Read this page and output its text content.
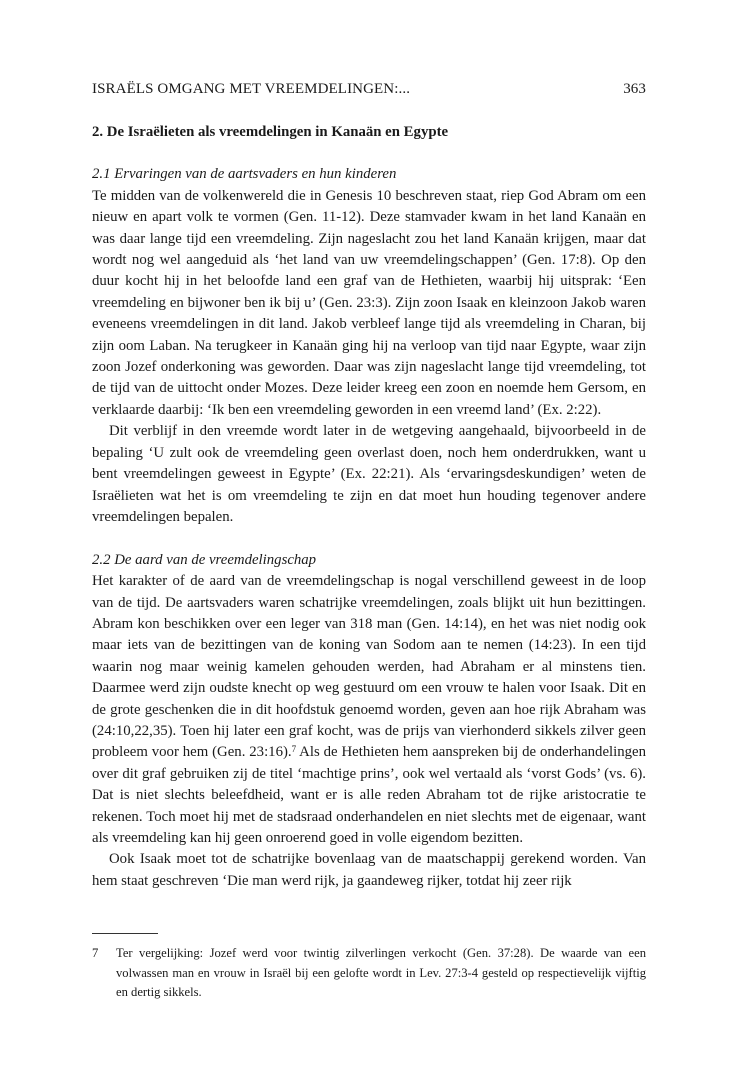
ISRAËLS OMGANG MET VREEMDELINGEN:...	363

2. De Israëlieten als vreemdelingen in Kanaän en Egypte

2.1 Ervaringen van de aartsvaders en hun kinderen

Te midden van de volkenwereld die in Genesis 10 beschreven staat, riep God Abram om een nieuw en apart volk te vormen (Gen. 11-12). Deze stamvader kwam in het land Kanaän en was daar lange tijd een vreemdeling. Zijn nageslacht zou het land Kanaän krijgen, maar dat wordt nog wel aangeduid als ‘het land van uw vreemdelingschappen’ (Gen. 17:8). Op den duur kocht hij in het beloofde land een graf van de Hethieten, waarbij hij uitsprak: ‘Een vreemdeling en bijwoner ben ik bij u’ (Gen. 23:3). Zijn zoon Isaak en kleinzoon Jakob waren eveneens vreemdelingen in dit land. Jakob verbleef lange tijd als vreemdeling in Charan, bij zijn oom Laban. Na terugkeer in Kanaän ging hij na verloop van tijd naar Egypte, waar zijn zoon Jozef onderkoning was geworden. Daar was zijn nageslacht lange tijd vreemdeling, tot de tijd van de uittocht onder Mozes. Deze leider kreeg een zoon en noemde hem Gersom, en verklaarde daarbij: ‘Ik ben een vreemdeling geworden in een vreemd land’ (Ex. 2:22).

Dit verblijf in den vreemde wordt later in de wetgeving aangehaald, bijvoorbeeld in de bepaling ‘U zult ook de vreemdeling geen overlast doen, noch hem onderdrukken, want u bent vreemdelingen geweest in Egypte’ (Ex. 22:21). Als ‘ervaringsdeskundigen’ weten de Israëlieten wat het is om vreemdeling te zijn en dat moet hun houding tegenover andere vreemdelingen bepalen.

2.2 De aard van de vreemdelingschap

Het karakter of de aard van de vreemdelingschap is nogal verschillend geweest in de loop van de tijd. De aartsvaders waren schatrijke vreemdelingen, zoals blijkt uit hun bezittingen. Abram kon beschikken over een leger van 318 man (Gen. 14:14), en het was niet nodig ook maar iets van de bezittingen van de koning van Sodom aan te nemen (14:23). In een tijd waarin nog maar weinig kamelen gehouden werden, had Abraham er al minstens tien. Daarmee werd zijn oudste knecht op weg gestuurd om een vrouw te halen voor Isaak. Dit en de grote geschenken die in dit hoofdstuk genoemd worden, geven aan hoe rijk Abraham was (24:10,22,35). Toen hij later een graf kocht, was de prijs van vierhonderd sikkels zilver geen probleem voor hem (Gen. 23:16).$^7$ Als de Hethieten hem aanspreken bij de onderhandelingen over dit graf gebruiken zij de titel ‘machtige prins’, ook wel vertaald als ‘vorst Gods’ (vs. 6). Dat is niet slechts beleefdheid, want er is alle reden Abraham tot de rijke aristocratie te rekenen. Toch moet hij met de stadsraad onderhandelen en niet slechts met de eigenaar, want als vreemdeling kan hij geen onroerend goed in volle eigendom bezitten.

Ook Isaak moet tot de schatrijke bovenlaag van de maatschappij gerekend worden. Van hem staat geschreven ‘Die man werd rijk, ja gaandeweg rijker, totdat hij zeer rijk

7	Ter vergelijking: Jozef werd voor twintig zilverlingen verkocht (Gen. 37:28). De waarde van een volwassen man en vrouw in Israël bij een gelofte wordt in Lev. 27:3-4 gesteld op respectievelijk vijftig en dertig sikkels.
